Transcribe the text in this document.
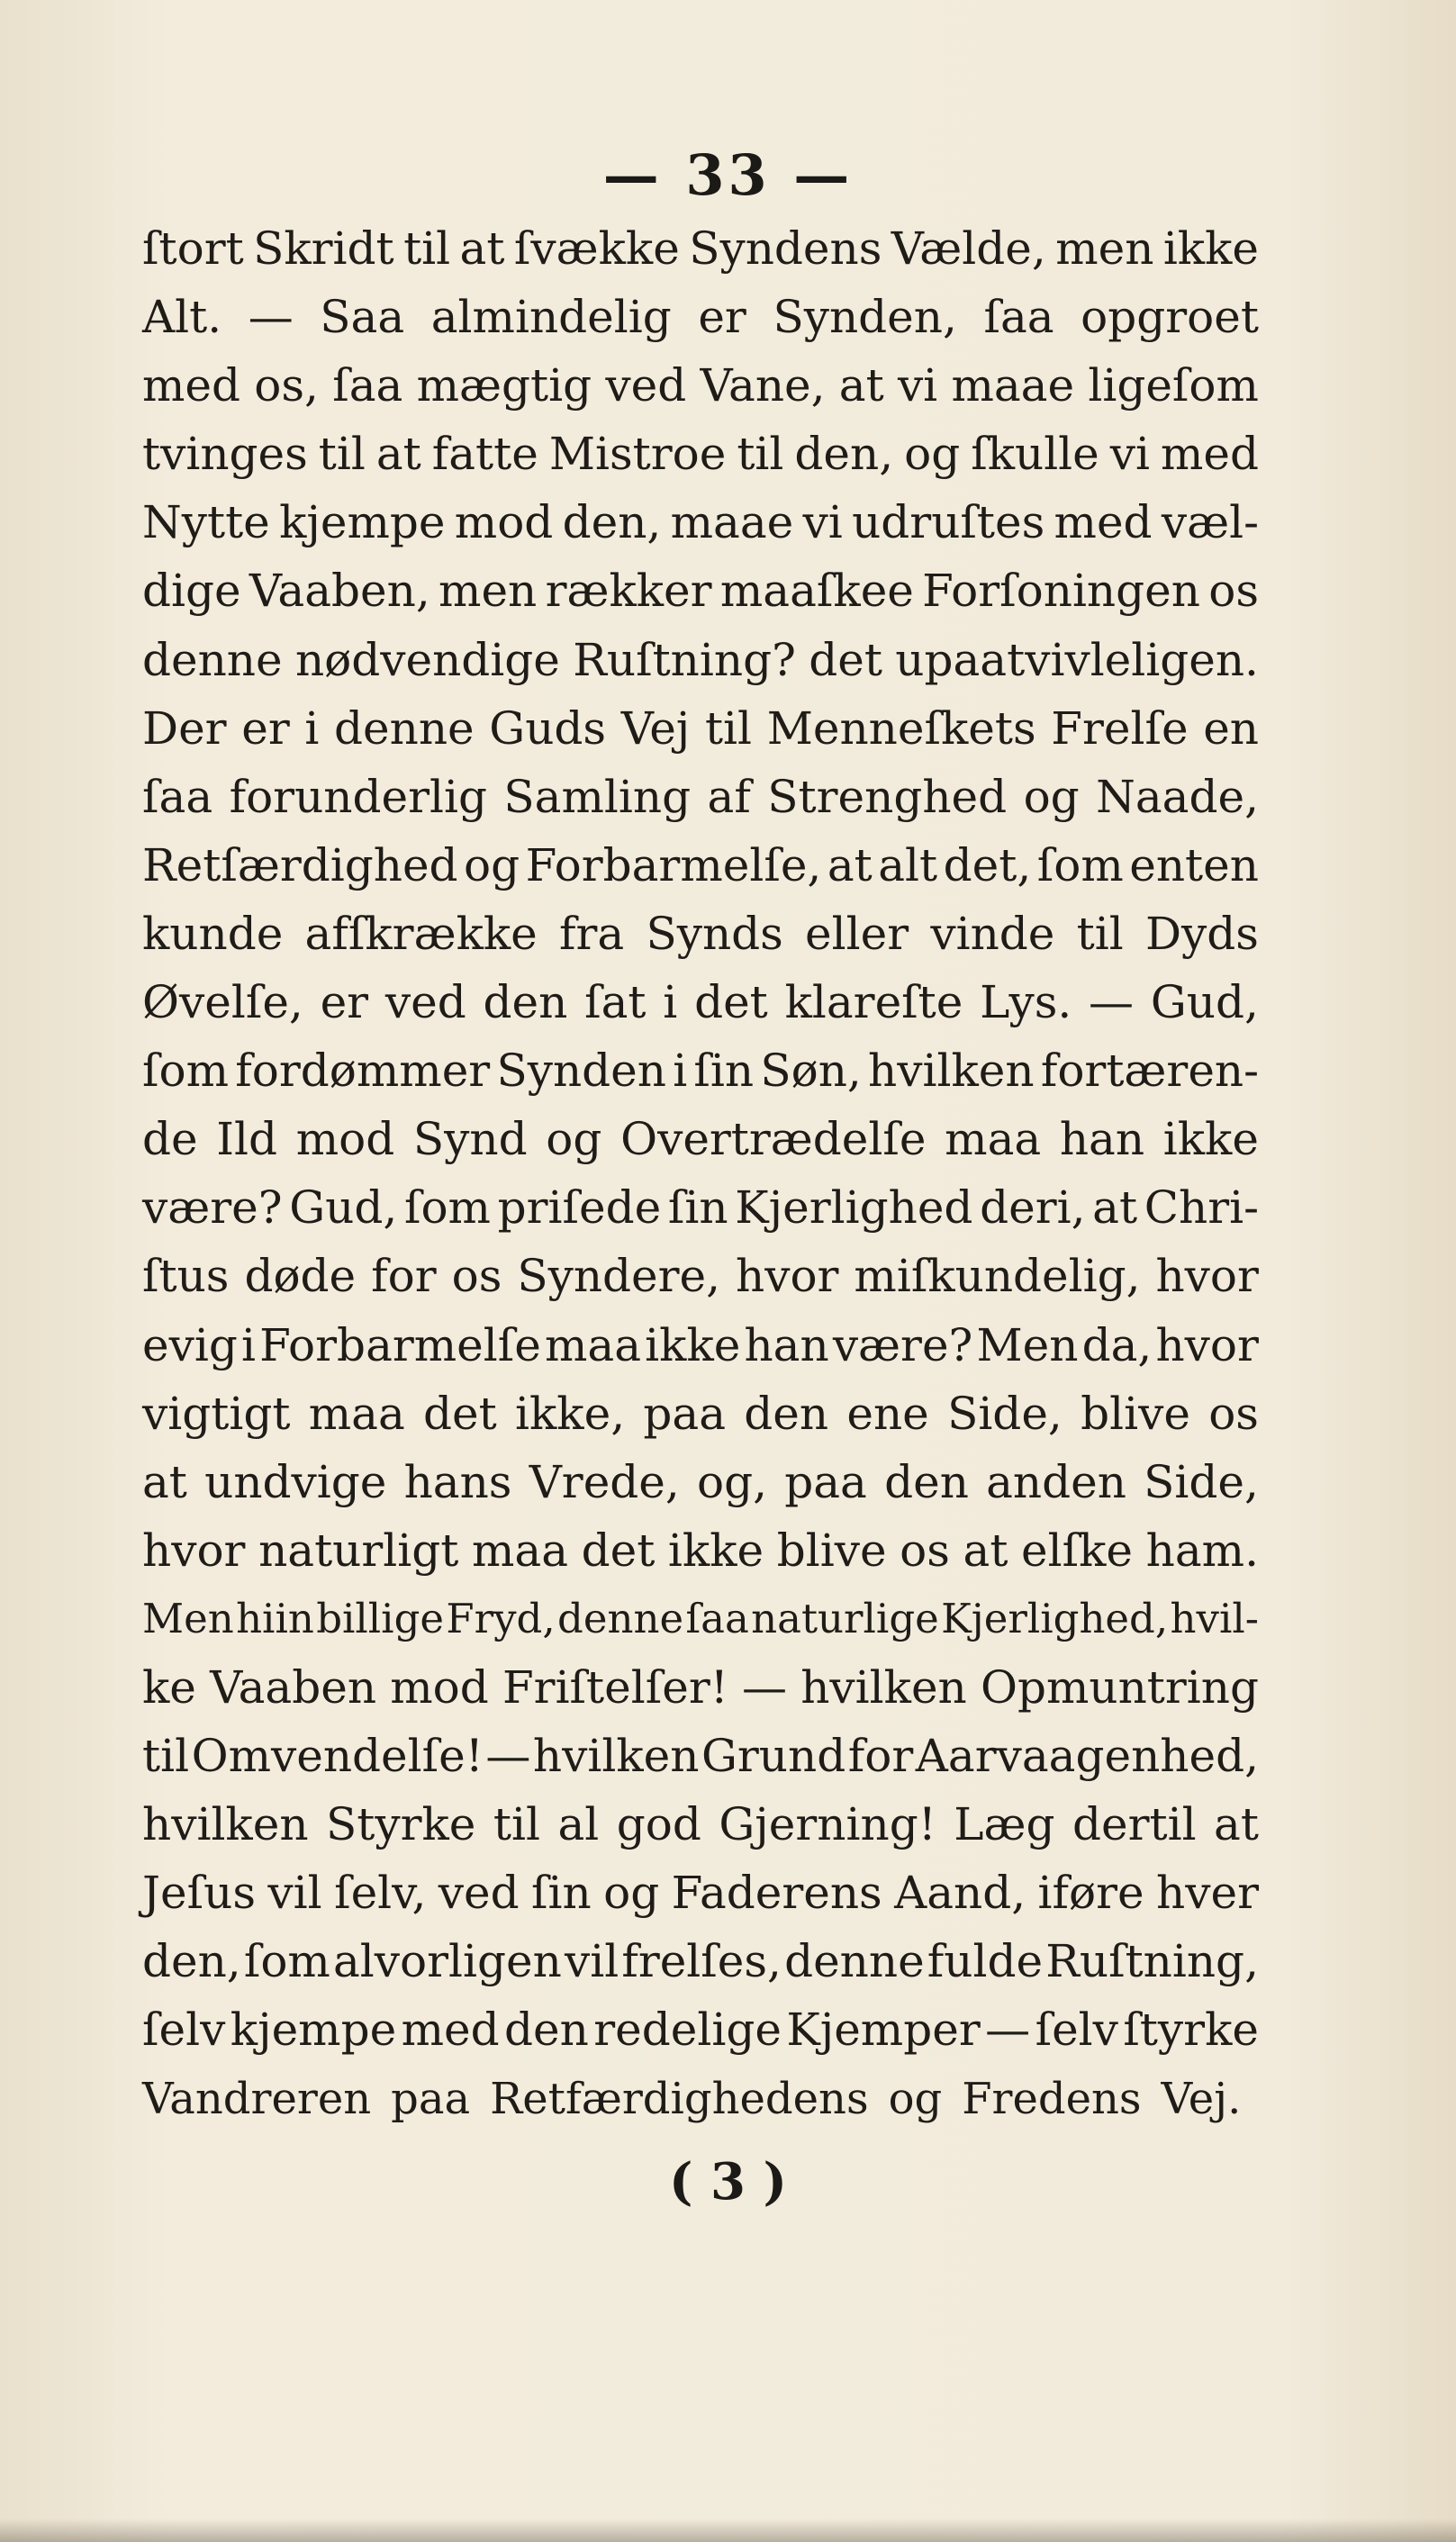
— 33 —
ſtort Skridt til at ſvække Syndens Vælde, men ikke
Alt. — Saa almindelig er Synden, ſaa opgroet
med os, ſaa mægtig ved Vane, at vi maae ligeſom
tvinges til at fatte Mistroe til den, og ſkulle vi med
Nytte kjempe mod den, maae vi udruſtes med væl-
dige Vaaben, men rækker maaſkee Forſoningen os
denne nødvendige Ruſtning? det upaatvivleligen.
Der er i denne Guds Vej til Menneſkets Frelſe en
ſaa forunderlig Samling af Strenghed og Naade,
Retſærdighed og Forbarmelſe, at alt det, ſom enten
kunde afſkrække fra Synds eller vinde til Dyds
Øvelſe, er ved den ſat i det klareſte Lys. — Gud,
ſom fordømmer Synden i ſin Søn, hvilken fortæren-
de Ild mod Synd og Overtrædelſe maa han ikke
være? Gud, ſom priſede ſin Kjerlighed deri, at Chri-
ſtus døde for os Syndere, hvor miſkundelig, hvor
evig i Forbarmelſe maa ikke han være? Men da, hvor
vigtigt maa det ikke, paa den ene Side, blive os
at undvige hans Vrede, og, paa den anden Side,
hvor naturligt maa det ikke blive os at elſke ham.
Men hiin billige Fryd, denne ſaa naturlige Kjerlighed, hvil-
ke Vaaben mod Friſtelſer! — hvilken Opmuntring
til Omvendelſe! — hvilken Grund for Aarvaagenhed,
hvilken Styrke til al god Gjerning! Læg dertil at
Jeſus vil ſelv, ved ſin og Faderens Aand, iføre hver
den, ſom alvorligen vil frelſes, denne fulde Ruſtning,
ſelv kjempe med den redelige Kjemper — ſelv ſtyrke
Vandreren paa Retfærdighedens og Fredens Vej.
( 3 )
